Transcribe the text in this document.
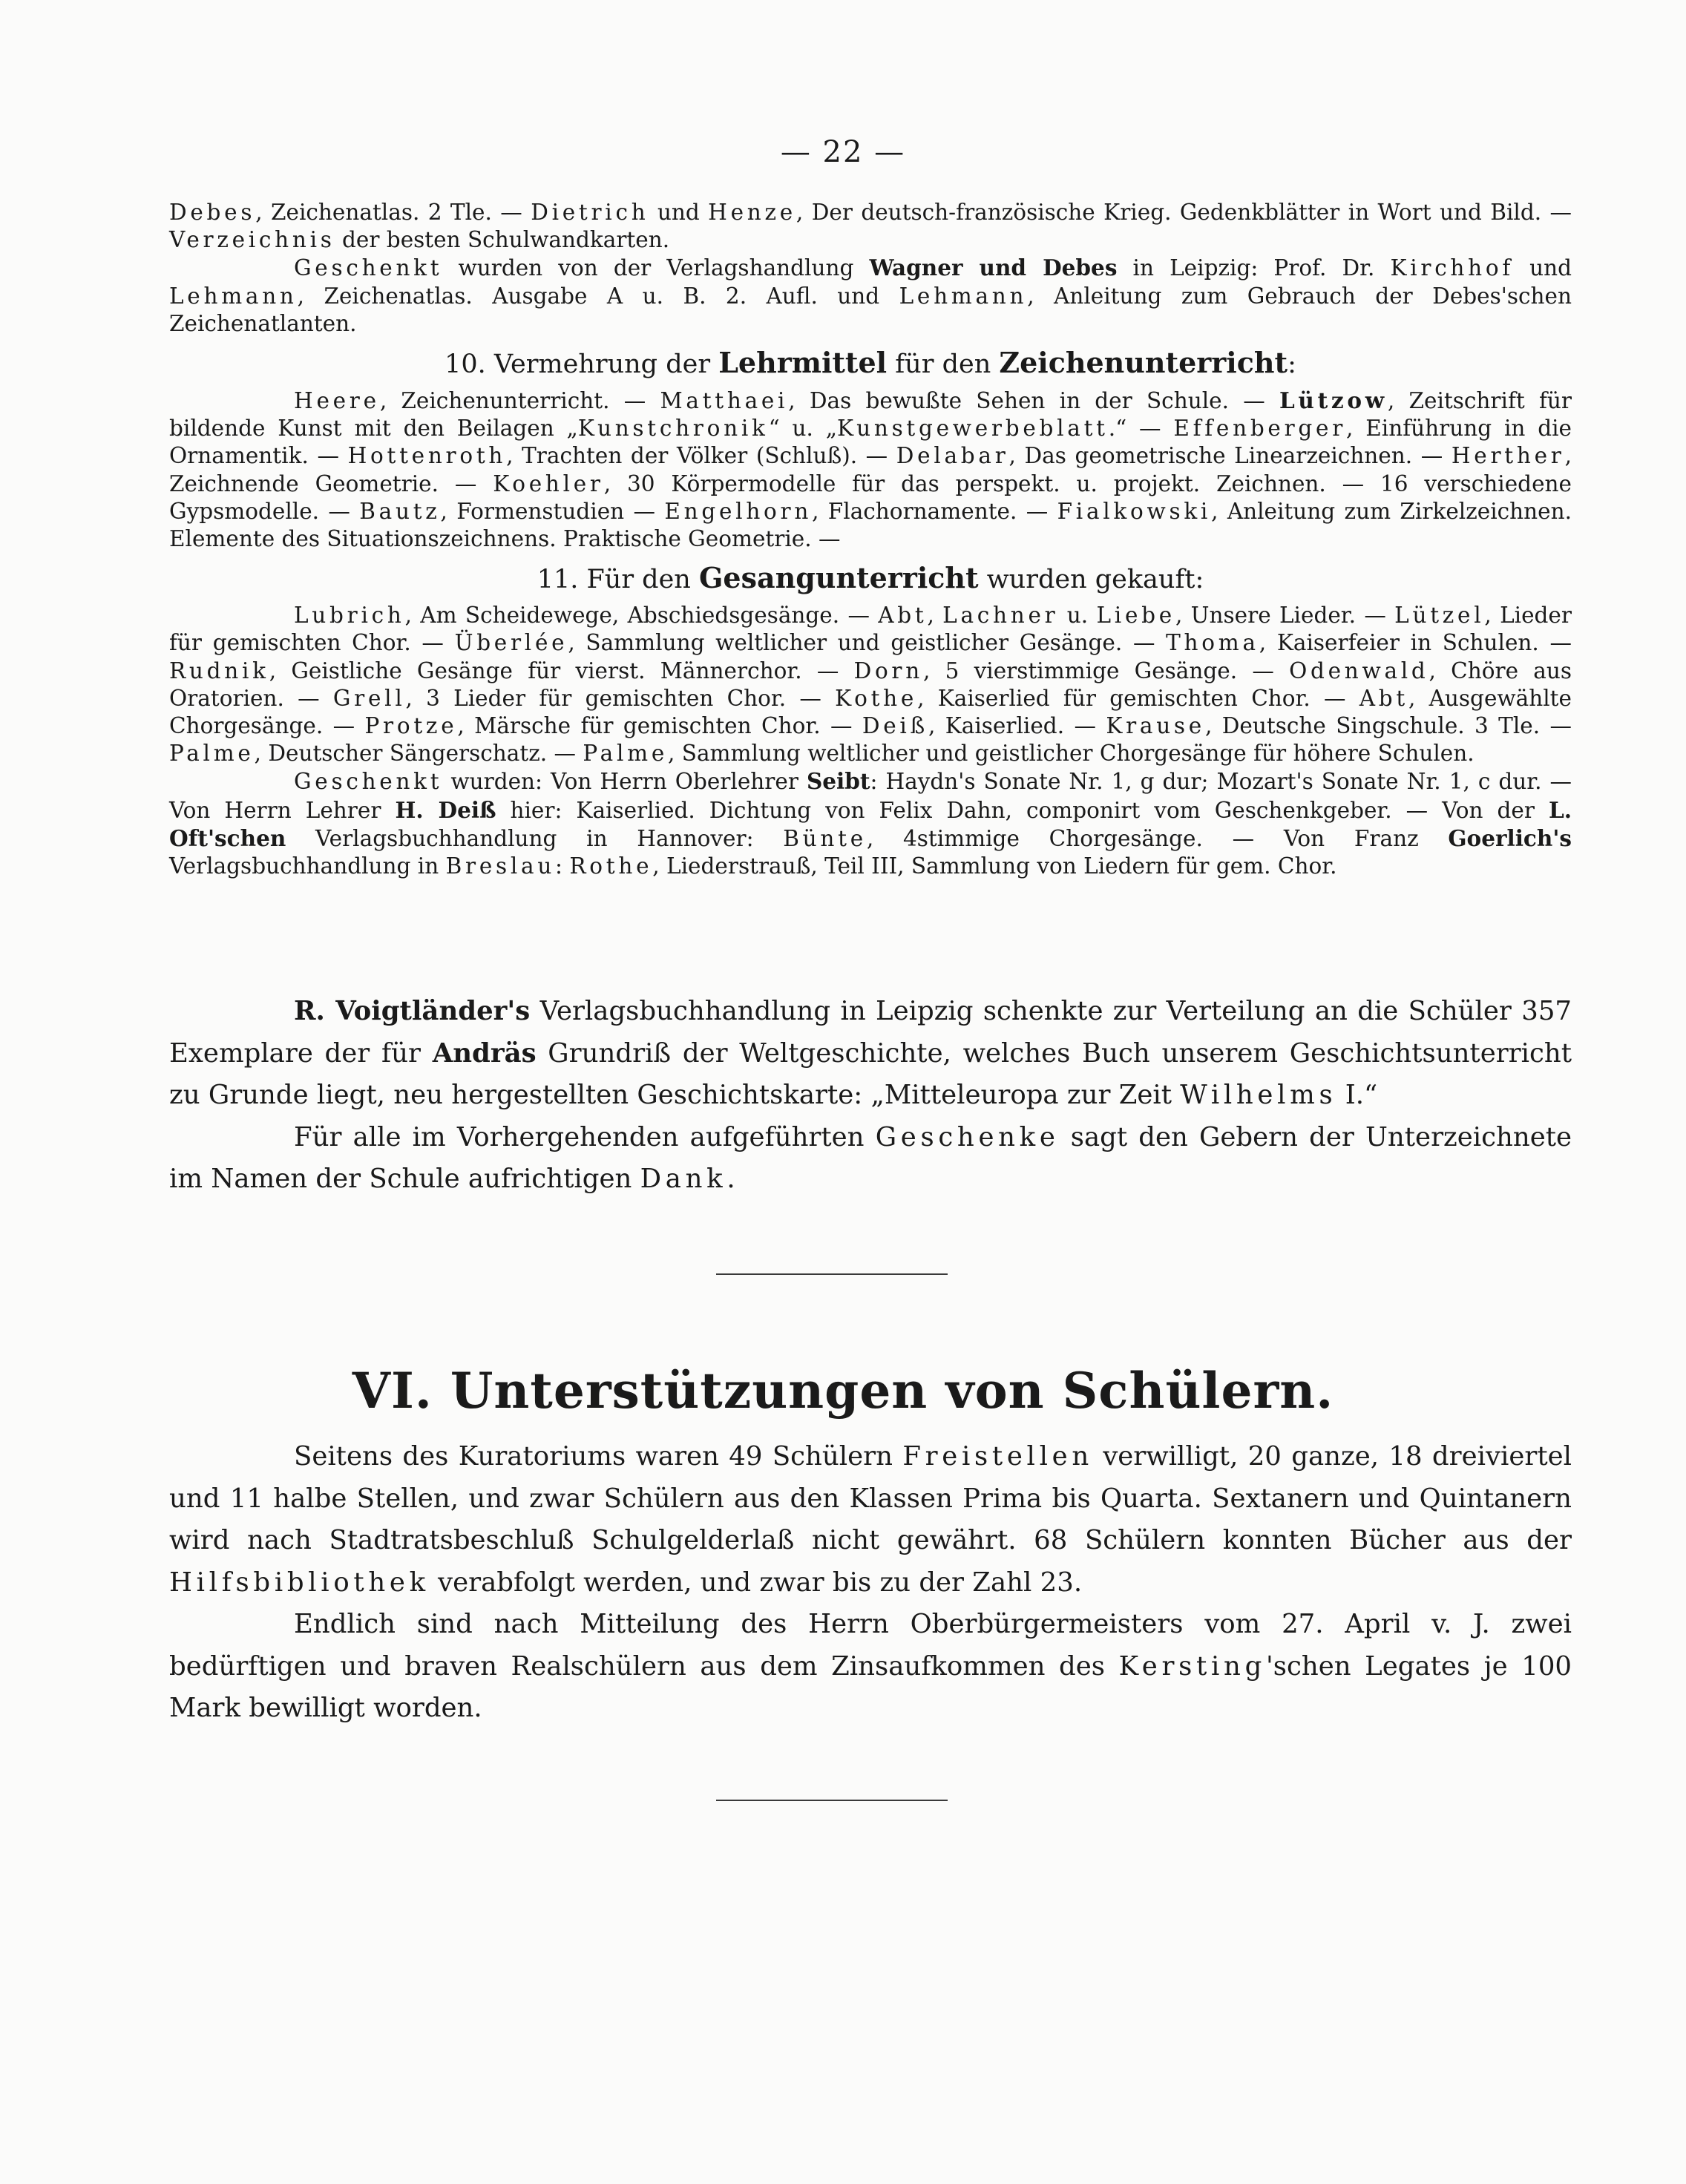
— 22 —

Debes, Zeichenatlas. 2 Tle. — Dietrich und Henze, Der deutsch-französische Krieg. Gedenkblätter in Wort und Bild. — Verzeichnis der besten Schulwandkarten.

Geschenkt wurden von der Verlagshandlung Wagner und Debes in Leipzig: Prof. Dr. Kirchhof und Lehmann, Zeichenatlas. Ausgabe A u. B. 2. Aufl. und Lehmann, Anleitung zum Gebrauch der Debes'schen Zeichenatlanten.

10. Vermehrung der Lehrmittel für den Zeichenunterricht:

Heere, Zeichenunterricht. — Matthaei, Das bewußte Sehen in der Schule. — Lützow, Zeitschrift für bildende Kunst mit den Beilagen „Kunstchronik“ u. „Kunstgewerbeblatt.“ — Effenberger, Einführung in die Ornamentik. — Hottenroth, Trachten der Völker (Schluß). — Delabar, Das geometrische Linearzeichnen. — Herther, Zeichnende Geometrie. — Koehler, 30 Körpermodelle für das perspekt. u. projekt. Zeichnen. — 16 verschiedene Gypsmodelle. — Bautz, Formenstudien — Engelhorn, Flachornamente. — Fialkowski, Anleitung zum Zirkelzeichnen. Elemente des Situationszeichnens. Praktische Geometrie. —

11. Für den Gesangunterricht wurden gekauft:

Lubrich, Am Scheidewege, Abschiedsgesänge. — Abt, Lachner u. Liebe, Unsere Lieder. — Lützel, Lieder für gemischten Chor. — Überlée, Sammlung weltlicher und geistlicher Gesänge. — Thoma, Kaiserfeier in Schulen. — Rudnik, Geistliche Gesänge für vierst. Männerchor. — Dorn, 5 vierstimmige Gesänge. — Odenwald, Chöre aus Oratorien. — Grell, 3 Lieder für gemischten Chor. — Kothe, Kaiserlied für gemischten Chor. — Abt, Ausgewählte Chorgesänge. — Protze, Märsche für gemischten Chor. — Deiß, Kaiserlied. — Krause, Deutsche Singschule. 3 Tle. — Palme, Deutscher Sängerschatz. — Palme, Sammlung weltlicher und geistlicher Chorgesänge für höhere Schulen.

Geschenkt wurden: Von Herrn Oberlehrer Seibt: Haydn's Sonate Nr. 1, g dur; Mozart's Sonate Nr. 1, c dur. — Von Herrn Lehrer H. Deiß hier: Kaiserlied. Dichtung von Felix Dahn, componirt vom Geschenkgeber. — Von der L. Oft'schen Verlagsbuchhandlung in Hannover: Bünte, 4stimmige Chorgesänge. — Von Franz Goerlich's Verlagsbuchhandlung in Breslau: Rothe, Liederstrauß, Teil III, Sammlung von Liedern für gem. Chor.

R. Voigtländer's Verlagsbuchhandlung in Leipzig schenkte zur Verteilung an die Schüler 357 Exemplare der für Andräs Grundriß der Weltgeschichte, welches Buch unserem Geschichtsunterricht zu Grunde liegt, neu hergestellten Geschichtskarte: „Mitteleuropa zur Zeit Wilhelms I.“

Für alle im Vorhergehenden aufgeführten Geschenke sagt den Gebern der Unterzeichnete im Namen der Schule aufrichtigen Dank.

VI. Unterstützungen von Schülern.

Seitens des Kuratoriums waren 49 Schülern Freistellen verwilligt, 20 ganze, 18 dreiviertel und 11 halbe Stellen, und zwar Schülern aus den Klassen Prima bis Quarta. Sextanern und Quintanern wird nach Stadtratsbeschluß Schulgelderlaß nicht gewährt. 68 Schülern konnten Bücher aus der Hilfsbibliothek verabfolgt werden, und zwar bis zu der Zahl 23.

Endlich sind nach Mitteilung des Herrn Oberbürgermeisters vom 27. April v. J. zwei bedürftigen und braven Realschülern aus dem Zinsaufkommen des Kersting'schen Legates je 100 Mark bewilligt worden.
